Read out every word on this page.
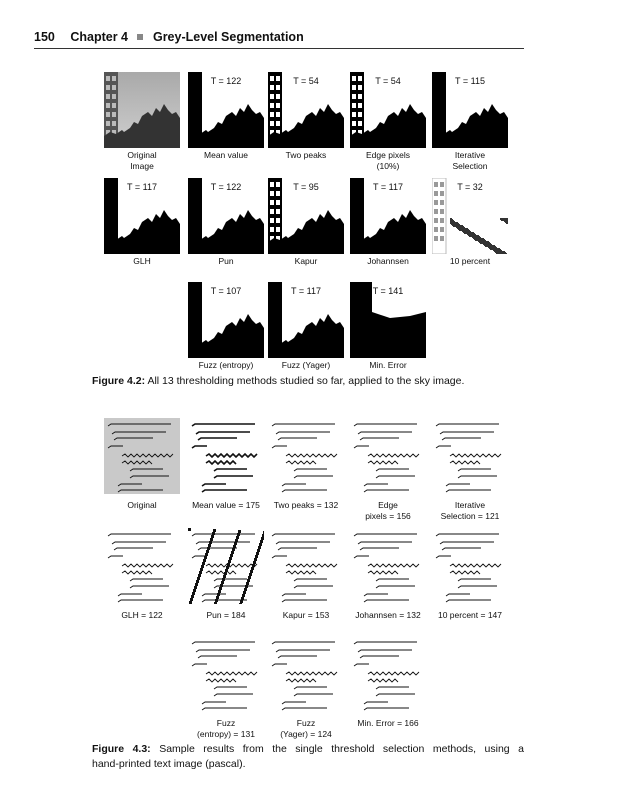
150 Chapter 4 Grey-Level Segmentation
Original
Image
T = 122
Mean value
T = 54
Two peaks
T = 54
Edge pixels
(10%)
T = 115
Iterative
Selection
T = 117
GLH
T = 122
Pun
T = 95
Kapur
T = 117
Johannsen
T = 32
10 percent
T = 107
Fuzz (entropy)
T = 117
Fuzz (Yager)
T = 141
Min. Error
Figure 4.2: All 13 thresholding methods studied so far, applied to the sky image.
Original	Mean value = 175	Two peaks = 132	Edge
pixels = 156
Iterative
Selection = 121
GLH = 122	Pun = 184	Kapur = 153	Johannsen = 132	10 percent = 147
Fuzz
(entropy) = 131
Fuzz
(Yager) = 124
Min. Error = 166
Figure 4.3: Sample results from the single threshold selection methods, using a
hand-printed text image (pascal).
